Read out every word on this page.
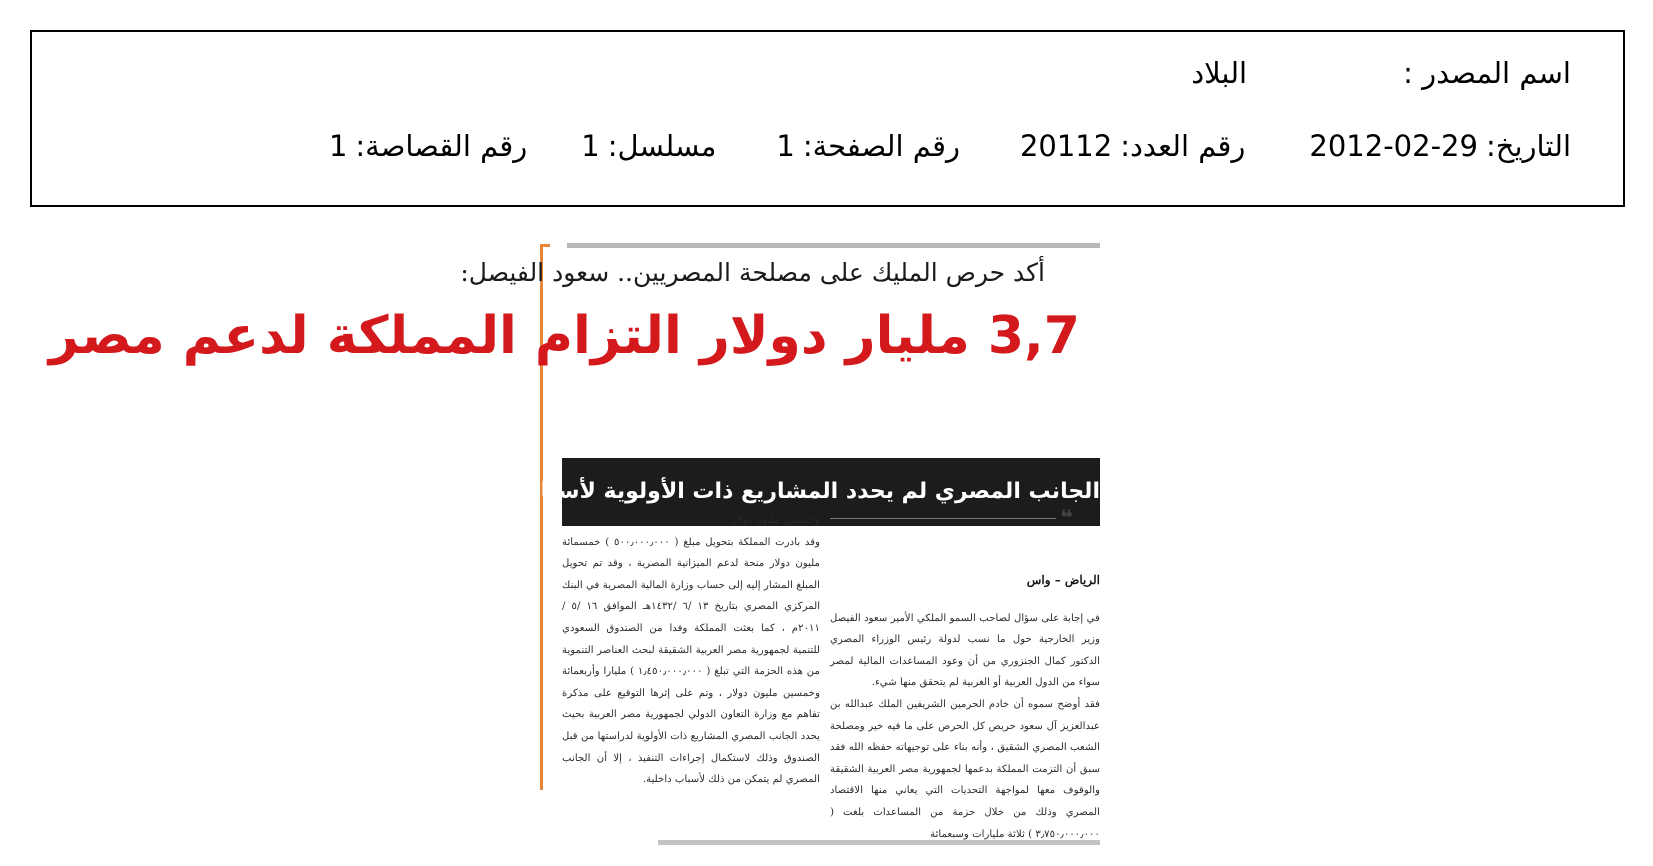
اسم المصدر :
البلاد
التاريخ:
2012-02-29
رقم العدد:
20112
رقم الصفحة:
1
مسلسل:
1
رقم القصاصة:
1
أكد حرص المليك على مصلحة المصريين.. سعود الفيصل:
3,7 مليار دولار التزام المملكة لدعم مصر
الجانب المصري لم يحدد المشاريع ذات الأولوية لأسباب داخلية
❝
الرياض – واس

في إجابة على سؤال لصاحب السمو الملكي الأمير سعود الفيصل وزير الخارجية حول ما نسب لدولة رئيس الوزراء المصري الدكتور كمال الجنزوري من أن وعود المساعدات المالية لمصر سواء من الدول العربية أو الغربية لم يتحقق منها شيء.

فقد أوضح سموه أن خادم الحرمين الشريفين الملك عبدالله بن عبدالعزيز آل سعود حريص كل الحرص على ما فيه خير ومصلحة الشعب المصري الشقيق ، وأنه بناء على توجيهاته حفظه الله فقد سبق أن التزمت المملكة بدعمها لجمهورية مصر العربية الشقيقة والوقوف معها لمواجهة التحديات التي يعاني منها الاقتصاد المصري وذلك من خلال حزمة من المساعدات بلغت ( ٣٫٧٥٠٫٠٠٠٫٠٠٠ ) ثلاثة مليارات وسبعمائة

وخمسين مليون دولار.

وقد بادرت المملكة بتحويل مبلغ ( ٥٠٠٫٠٠٠٫٠٠٠ ) خمسمائة مليون دولار منحة لدعم الميزانية المصرية ، وقد تم تحويل المبلغ المشار إليه إلى حساب وزارة المالية المصرية في البنك المركزي المصري بتاريخ ١٣ /٦ /١٤٣٢هـ الموافق ١٦ /٥ /٢٠١١م ، كما بعثت المملكة وفدا من الصندوق السعودي للتنمية لجمهورية مصر العربية الشقيقة لبحث العناصر التنموية من هذه الحزمة التي تبلغ ( ١٫٤٥٠٫٠٠٠٫٠٠٠ ) مليارا وأربعمائة وخمسين مليون دولار ، وتم على إثرها التوقيع على مذكرة تفاهم مع وزارة التعاون الدولي لجمهورية مصر العربية بحيث يحدد الجانب المصري المشاريع ذات الأولوية لدراستها من قبل الصندوق وذلك لاستكمال إجراءات التنفيذ ، إلا أن الجانب المصري لم يتمكن من ذلك لأسباب داخلية.
